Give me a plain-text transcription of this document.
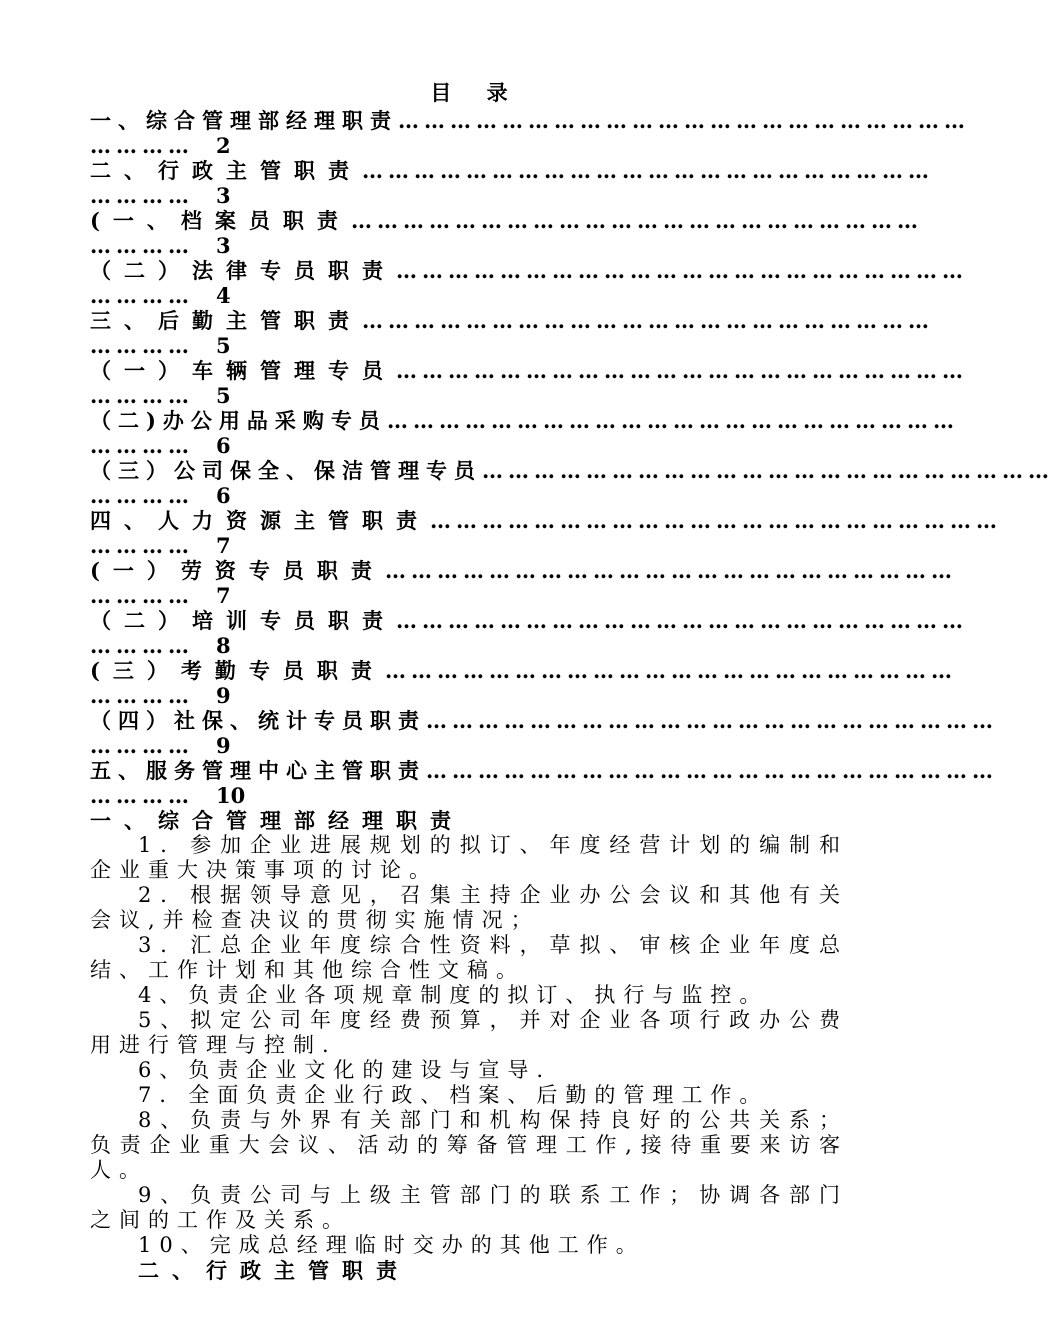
目 录
一、综合管理部经理职责 …………………………………………………………
………… 2
二、行政主管职责 …………………………………………………………
………… 3
(一、档案员职责 …………………………………………………………
………… 3
（二）法律专员职责 …………………………………………………………
………… 4
三、后勤主管职责 …………………………………………………………
………… 5
（一）车辆管理专员 …………………………………………………………
………… 5
（二)办公用品采购专员 …………………………………………………………
………… 6
（三）公司保全、保洁管理专员 …………………………………………………………
………… 6
四、人力资源主管职责 …………………………………………………………
………… 7
(一）劳资专员职责 …………………………………………………………
………… 7
（二）培训专员职责 …………………………………………………………
………… 8
(三）考勤专员职责 …………………………………………………………
………… 9
（四）社保、统计专员职责 …………………………………………………………
………… 9
五、服务管理中心主管职责 …………………………………………………………
………… 10
一、综合管理部经理职责

1．参加企业进展规划的拟订、年度经营计划的编制和企业重大决策事项的讨论。

2．根据领导意见，召集主持企业办公会议和其他有关会议,并检查决议的贯彻实施情况；

3．汇总企业年度综合性资料，草拟、审核企业年度总结、工作计划和其他综合性文稿。

4、负责企业各项规章制度的拟订、执行与监控。

5、拟定公司年度经费预算，并对企业各项行政办公费用进行管理与控制.

6、负责企业文化的建设与宣导.

7．全面负责企业行政、档案、后勤的管理工作。

8、负责与外界有关部门和机构保持良好的公共关系；负责企业重大会议、活动的筹备管理工作,接待重要来访客人。

9、负责公司与上级主管部门的联系工作；协调各部门之间的工作及关系。

10、完成总经理临时交办的其他工作。

二、行政主管职责
